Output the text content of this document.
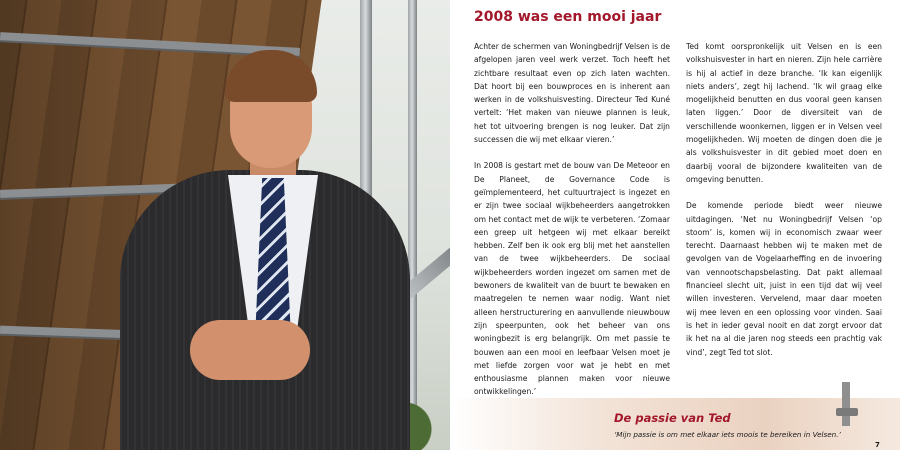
2008 was een mooi jaar

Achter de schermen van Woningbedrijf Velsen is de afgelopen jaren veel werk verzet. Toch heeft het zichtbare resultaat even op zich laten wachten. Dat hoort bij een bouwproces en is inherent aan werken in de volkshuisvesting. Directeur Ted Kuné vertelt: ‘Het maken van nieuwe plannen is leuk, het tot uitvoering brengen is nog leuker. Dat zijn successen die wij met elkaar vieren.’

In 2008 is gestart met de bouw van De Meteoor en De Planeet, de Governance Code is geïmplementeerd, het cultuurtraject is ingezet en er zijn twee sociaal wijkbeheerders aangetrokken om het contact met de wijk te verbeteren. ‘Zomaar een greep uit hetgeen wij met elkaar bereikt hebben. Zelf ben ik ook erg blij met het aanstellen van de twee wijkbeheerders. De sociaal wijkbeheerders worden ingezet om samen met de bewoners de kwaliteit van de buurt te bewaken en maatregelen te nemen waar nodig. Want niet alleen herstructurering en aanvullende nieuwbouw zijn speerpunten, ook het beheer van ons woningbezit is erg belangrijk. Om met passie te bouwen aan een mooi en leefbaar Velsen moet je met liefde zorgen voor wat je hebt en met enthousiasme plannen maken voor nieuwe ontwikkelingen.’

Ted komt oorspronkelijk uit Velsen en is een volkshuisvester in hart en nieren. Zijn hele carrière is hij al actief in deze branche. ‘Ik kan eigenlijk niets anders’, zegt hij lachend. ‘Ik wil graag elke mogelijkheid benutten en dus vooral geen kansen laten liggen.’ Door de diversiteit van de verschillende woonkernen, liggen er in Velsen veel mogelijkheden. Wij moeten de dingen doen die je als volkshuisvester in dit gebied moet doen en daarbij vooral de bijzondere kwaliteiten van de omgeving benutten.

De komende periode biedt weer nieuwe uitdagingen. ‘Net nu Woningbedrijf Velsen ‘op stoom’ is, komen wij in economisch zwaar weer terecht. Daarnaast hebben wij te maken met de gevolgen van de Vogelaarheffing en de invoering van vennootschapsbelasting. Dat pakt allemaal financieel slecht uit, juist in een tijd dat wij veel willen investeren. Vervelend, maar daar moeten wij mee leven en een oplossing voor vinden. Saai is het in ieder geval nooit en dat zorgt ervoor dat ik het na al die jaren nog steeds een prachtig vak vind’, zegt Ted tot slot.

De passie van Ted
‘Mijn passie is om met elkaar iets moois te bereiken in Velsen.’
7
